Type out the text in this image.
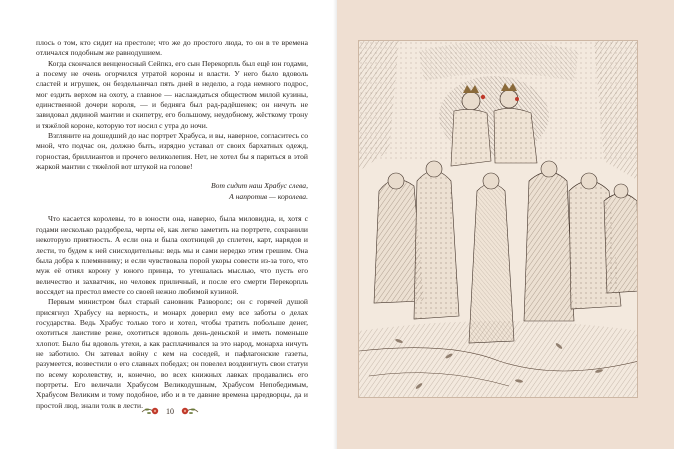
плось о том, кто сидит на престоле; что же до простого люда, то он в те времена отличался подобным же равнодушием.

Когда скончался венценосный Сейпкз, его сын Перекорпль был ещё юн годами, а посему не очень огорчился утратой короны и власти. У него было вдоволь сластей и игрушек, он бездельничал пять дней в неделю, а года немного подрос, мог ездить верхом на охоту, а главное — наслаждаться обществом милой кузины, единственной дочери короля, — и бедняга был рад-радёшенек; он ничуть не завидовал дядиной мантии и скипетру, его большому, неудобному, жёсткому трону и тяжёлой короне, которую тот носил с утра до ночи.

Взгляните на дошедший до нас портрет Храбуса, и вы, наверное, согласитесь со мной, что подчас он, должно быть, изрядно уставал от своих бархатных одежд, горностая, бриллиантов и прочего великолепия. Нет, не хотел бы я париться в этой жаркой мантии с тяжёлой вот штукой на голове!

Вот сидит наш Храбус слева,
А напротив — королева.

Что касается королевы, то в юности она, наверно, была миловидна, и, хотя с годами несколько раздобрела, черты её, как легко заметить на портрете, сохранили некоторую приятность. А если она и была охотницей до сплетен, карт, нарядов и лести, то будем к ней снисходительны: ведь мы и сами нередко этим грешим. Она была добра к племяннику; и если чувствовала порой укоры совести из-за того, что муж её отнял корону у юного принца, то утешалась мыслью, что пусть его величество и захватчик, но человек приличный, и после его смерти Перекорпль воссядет на престол вместе со своей нежно любимой кузиной.

Первым министром был старый сановник Разворолс; он с горячей душой присягнул Храбусу на верность, и монарх доверил ему все заботы о делах государства. Ведь Храбус только того и хотел, чтобы тратить побольше денег, охотиться лаистиве реже, охотиться вдоволь день-деньской и иметь поменьше хлопот. Было бы вдоволь утехи, а как расплачивался за это народ, монарха ничуть не заботило. Он затевал войну с кем на соседей, и пафлагонские газеты, разумеется, возвестили о его славных победах; он повелел воздвигнуть свои статуи по всему королевству, и, конечно, во всех книжных лавках продавались его портреты. Его величали Храбусом Великодушным, Храбусом Непобедимым, Храбусом Великим и тому подобное, ибо и в те давние времена царедворцы, да и простой люд, знали толк в лести.

10
